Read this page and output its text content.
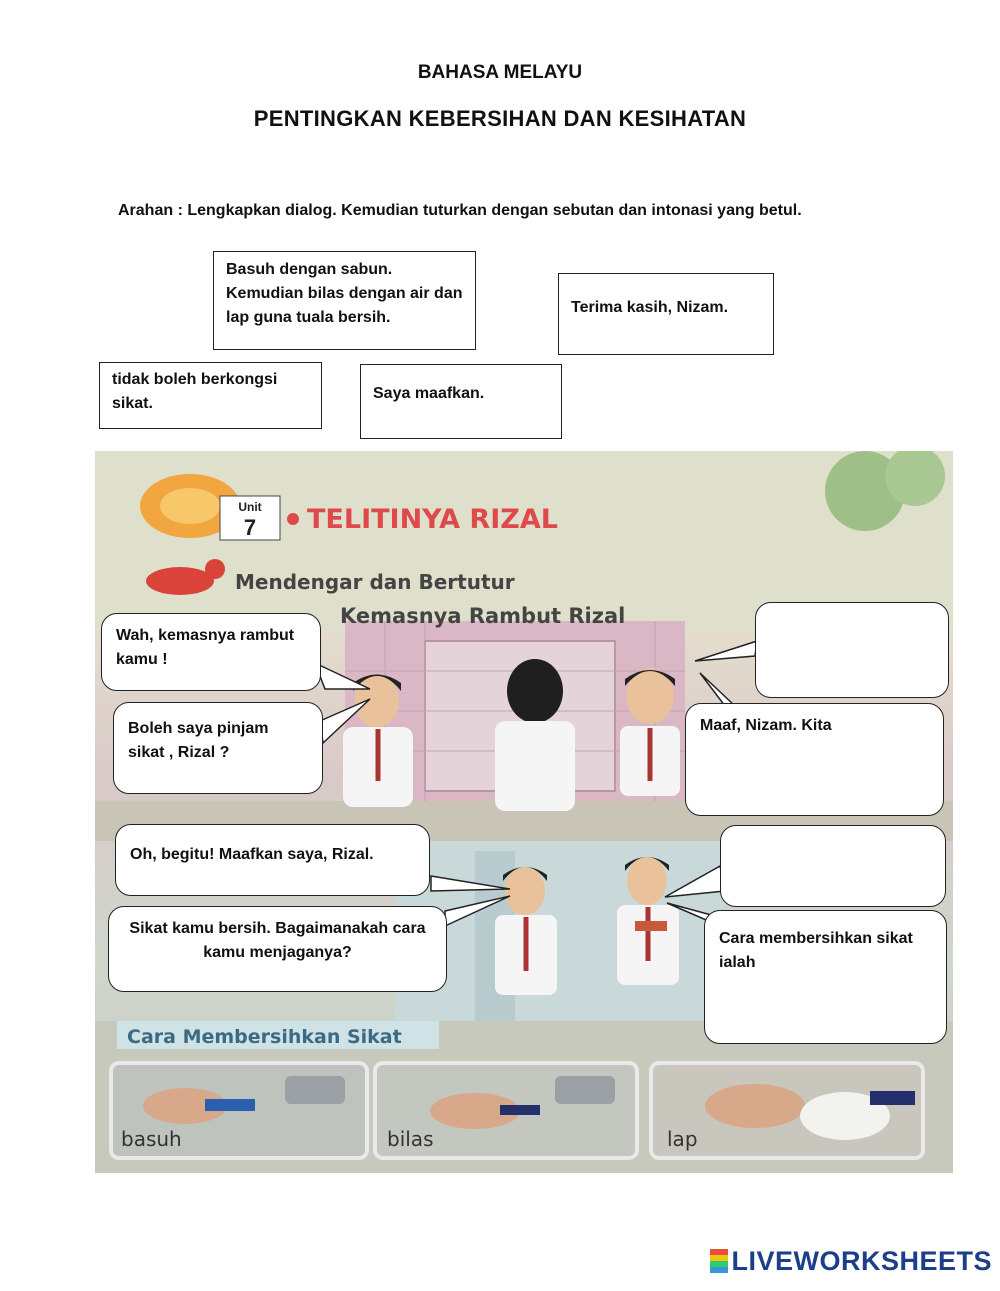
BAHASA MELAYU
PENTINGKAN KEBERSIHAN DAN KESIHATAN
Arahan : Lengkapkan dialog. Kemudian tuturkan dengan sebutan dan intonasi yang betul.
Basuh dengan sabun. Kemudian bilas dengan air dan lap guna tuala bersih.
Terima kasih, Nizam.
tidak boleh berkongsi sikat.
Saya maafkan.
Unit
7 TELITINYA RIZAL
Mendengar dan Bertutur
Kemasnya Rambut Rizal
Cara Membersihkan Sikat
basuh	bilas	lap
Wah, kemasnya rambut kamu !
Boleh saya pinjam sikat , Rizal ?
Maaf, Nizam. Kita
Oh, begitu! Maafkan saya, Rizal.
Sikat kamu bersih. Bagaimanakah cara kamu menjaganya?
Cara membersihkan sikat ialah
LIVEWORKSHEETS
